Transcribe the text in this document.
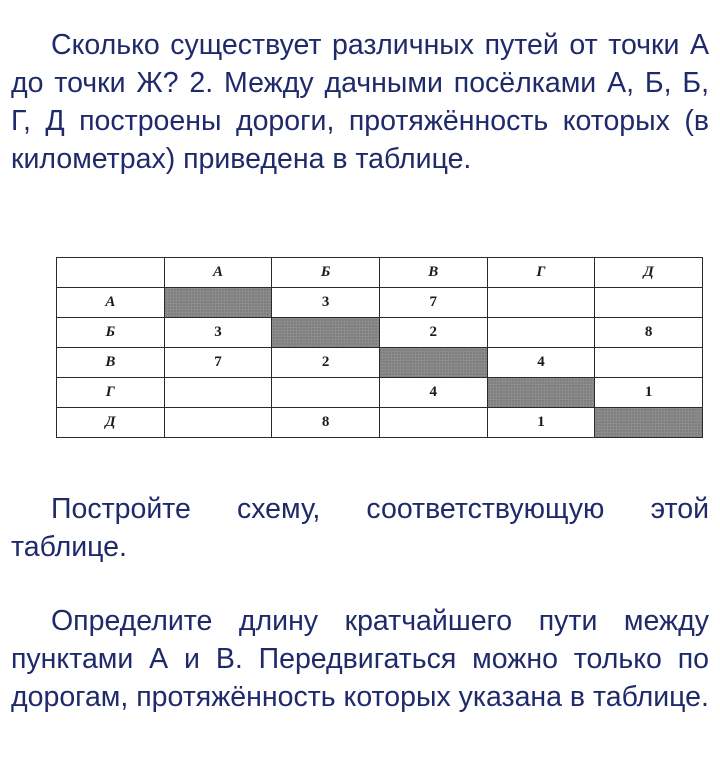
Сколько существует различных путей от точки А до точки Ж? 2. Между дачными посёлками А, Б, Б, Г, Д построены дороги, протяжённость которых (в километрах) приведена в таблице.

	А	Б	В	Г	Д
А		3	7		
Б	3		2		8
В	7	2		4	
Г			4		1
Д		8		1	

Постройте схему, соответствующую этой таблице.

Определите длину кратчайшего пути между пунктами А и В. Передвигаться можно только по дорогам, протяжённость которых указана в таблице.
